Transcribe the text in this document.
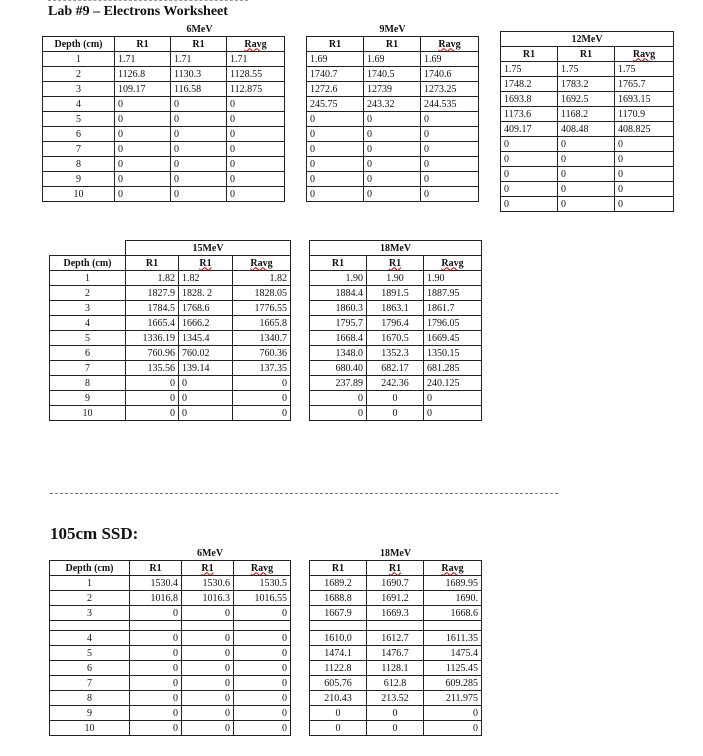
Lab #9 – Electrons Worksheet
	6MeV		
Depth (cm)	R1	R1	Ravg
1	1.71	1.71	1.71
2	1126.8	1130.3	1128.55
3	109.17	116.58	112.875
4	0	0	0
5	0	0	0
6	0	0	0
7	0	0	0
8	0	0	0
9	0	0	0
10	0	0	0
9MeV		
R1	R1	Ravg
1.69	1.69	1.69
1740.7	1740.5	1740.6
1272.6	12739	1273.25
245.75	243.32	244.535
0	0	0
0	0	0
0	0	0
0	0	0
0	0	0
0	0	0
12MeV		
R1	R1	Ravg
1.75	1.75	1.75
1748.2	1783.2	1765.7
1693.8	1692.5	1693.15
1173.6	1168.2	1170.9
409.17	408.48	408.825
0	0	0
0	0	0
0	0	0
0	0	0
0	0	0
	15MeV		
Depth (cm)	R1	R1	Ravg
1	1.82	1.82	1.82
2	1827.9	1828. 2	1828.05
3	1784.5	1768.6	1776.55
4	1665.4	1666.2	1665.8
5	1336.19	1345.4	1340.7
6	760.96	760.02	760.36
7	135.56	139.14	137.35
8	0	0	0
9	0	0	0
10	0	0	0
18MeV		
R1	R1	Ravg
1.90	1.90	1.90
1884.4	1891.5	1887.95
1860.3	1863.1	1861.7
1795.7	1796.4	1796.05
1668.4	1670.5	1669.45
1348.0	1352.3	1350.15
680.40	682.17	681.285
237.89	242.36	240.125
0	0	0
0	0	0
105cm SSD:
	6MeV		
Depth (cm)	R1	R1	Ravg
1	1530.4	1530.6	1530.5
2	1016.8	1016.3	1016.55
3	0	0	0

4	0	0	0
5	0	0	0
6	0	0	0
7	0	0	0
8	0	0	0
9	0	0	0
10	0	0	0
18MeV		
R1	R1	Ravg
1689.2	1690.7	1689.95
1688.8	1691.2	1690.
1667.9	1669.3	1668.6

1610.0	1612.7	1611.35
1474.1	1476.7	1475.4
1122.8	1128.1	1125.45
605.76	612.8	609.285
210.43	213.52	211.975
0	0	0
0	0	0
